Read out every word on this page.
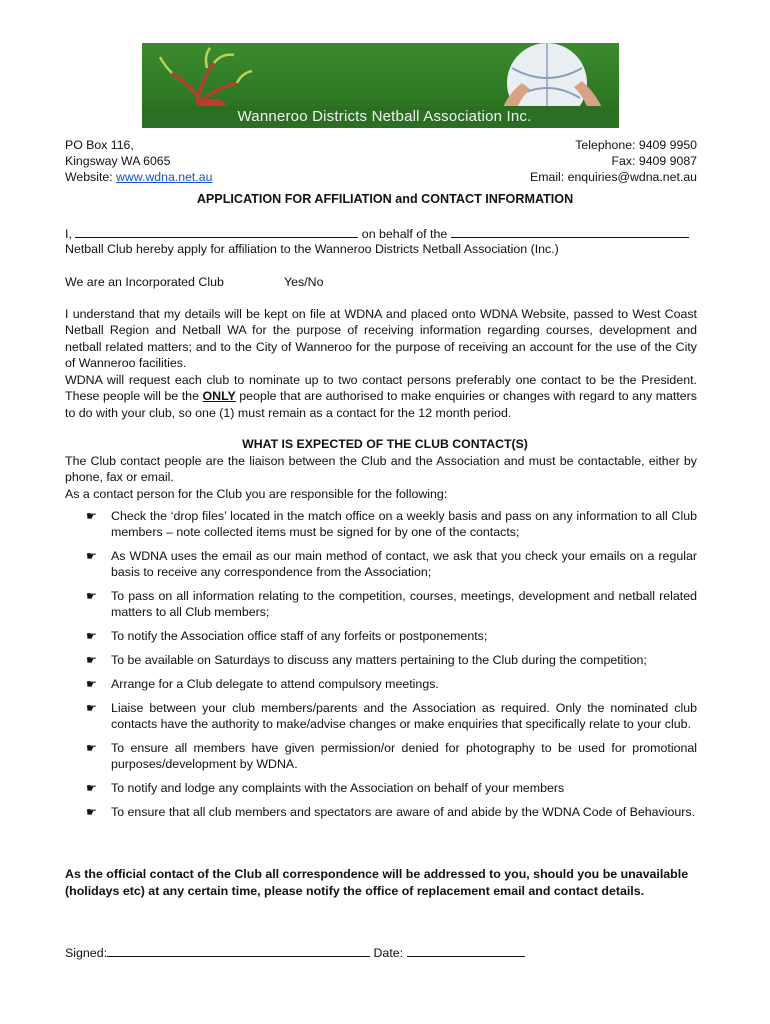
Wanneroo Districts Netball Association Inc.
PO Box 116,
Kingsway WA 6065
Website: www.wdna.net.au
Telephone: 9409 9950
Fax: 9409 9087
Email: enquiries@wdna.net.au
APPLICATION FOR AFFILIATION and CONTACT INFORMATION
I,	on behalf of the
Netball Club hereby apply for affiliation to the Wanneroo Districts Netball Association (Inc.)
We are an Incorporated Club	Yes/No
I understand that my details will be kept on file at WDNA and placed onto WDNA Website, passed to West Coast Netball Region and Netball WA for the purpose of receiving information regarding courses, development and netball related matters; and to the City of Wanneroo for the purpose of receiving an account for the use of the City of Wanneroo facilities.
WDNA will request each club to nominate up to two contact persons preferably one contact to be the President. These people will be the ONLY people that are authorised to make enquiries or changes with regard to any matters to do with your club, so one (1) must remain as a contact for the 12 month period.
WHAT IS EXPECTED OF THE CLUB CONTACT(S)
The Club contact people are the liaison between the Club and the Association and must be contactable, either by phone, fax or email.
As a contact person for the Club you are responsible for the following:
☛ Check the ‘drop files’ located in the match office on a weekly basis and pass on any information to all Club members – note collected items must be signed for by one of the contacts;
☛ As WDNA uses the email as our main method of contact, we ask that you check your emails on a regular basis to receive any correspondence from the Association;
☛ To pass on all information relating to the competition, courses, meetings, development and netball related matters to all Club members;
☛ To notify the Association office staff of any forfeits or postponements;
☛ To be available on Saturdays to discuss any matters pertaining to the Club during the competition;
☛ Arrange for a Club delegate to attend compulsory meetings.
☛ Liaise between your club members/parents and the Association as required. Only the nominated club contacts have the authority to make/advise changes or make enquiries that specifically relate to your club.
☛ To ensure all members have given permission/or denied for photography to be used for promotional purposes/development by WDNA.
☛ To notify and lodge any complaints with the Association on behalf of your members
☛ To ensure that all club members and spectators are aware of and abide by the WDNA Code of Behaviours.
As the official contact of the Club all correspondence will be addressed to you, should you be unavailable (holidays etc) at any certain time, please notify the office of replacement email and contact details.
Signed:	Date:
